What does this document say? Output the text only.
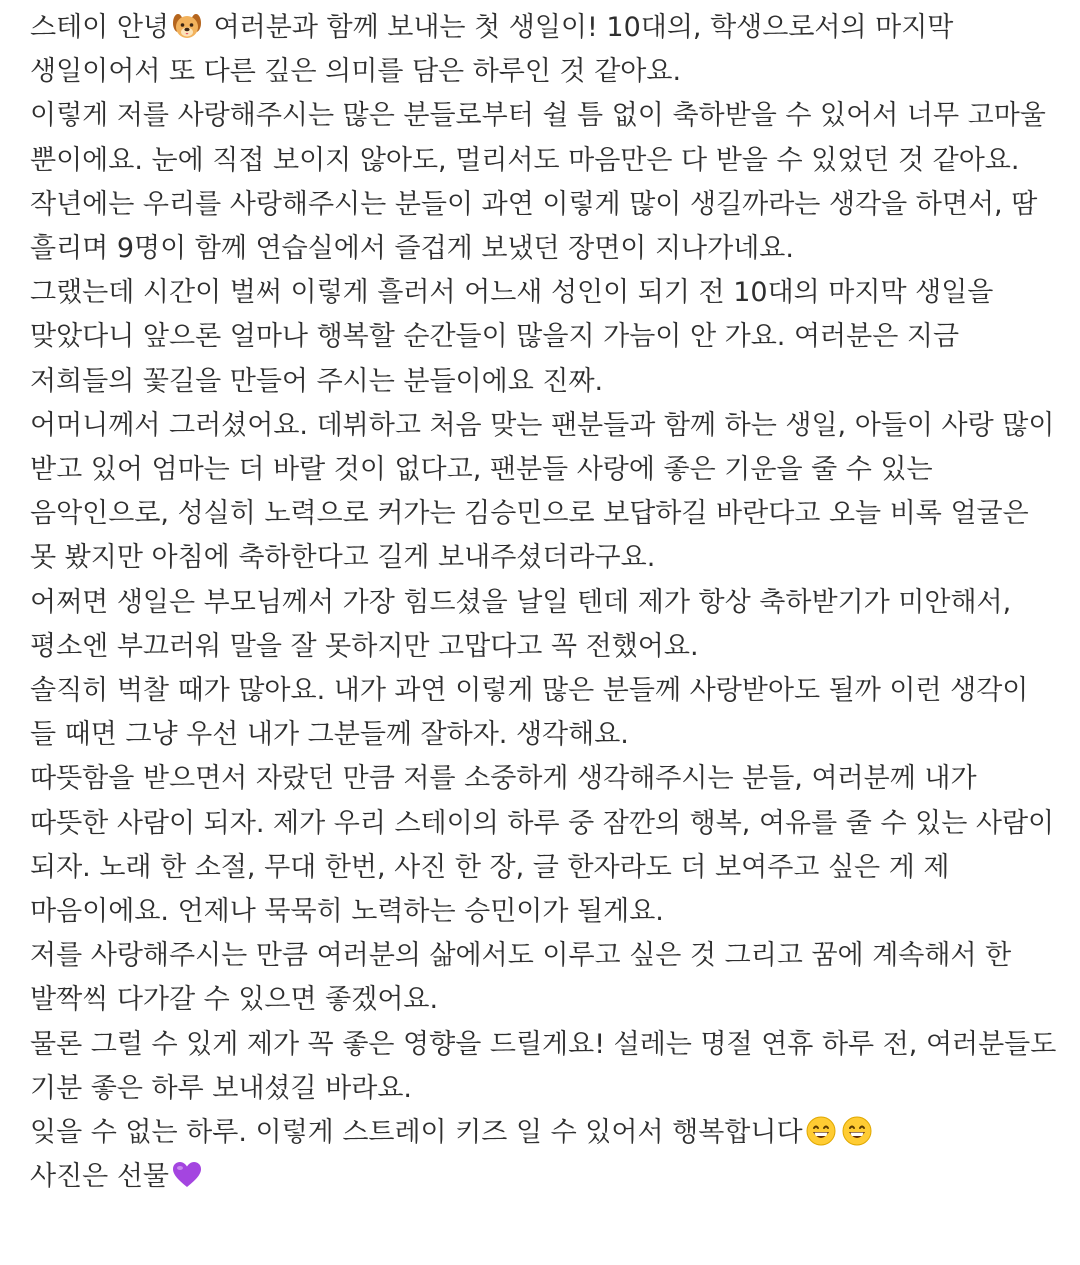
스테이 안녕
여러분과 함께 보내는 첫 생일이! 10대의, 학생으로서의 마지막 생일이어서 또 다른 깊은 의미를 담은 하루인 것 같아요.

이렇게 저를 사랑해주시는 많은 분들로부터 쉴 틈 없이 축하받을 수 있어서 너무 고마울 뿐이에요. 눈에 직접 보이지 않아도, 멀리서도 마음만은 다 받을 수 있었던 것 같아요.

작년에는 우리를 사랑해주시는 분들이 과연 이렇게 많이 생길까라는 생각을 하면서, 땀 흘리며 9명이 함께 연습실에서 즐겁게 보냈던 장면이 지나가네요.

그랬는데 시간이 벌써 이렇게 흘러서 어느새 성인이 되기 전 10대의 마지막 생일을 맞았다니 앞으론 얼마나 행복할 순간들이 많을지 가늠이 안 가요. 여러분은 지금 저희들의 꽃길을 만들어 주시는 분들이에요 진짜.

어머니께서 그러셨어요. 데뷔하고 처음 맞는 팬분들과 함께 하는 생일, 아들이 사랑 많이 받고 있어 엄마는 더 바랄 것이 없다고, 팬분들 사랑에 좋은 기운을 줄 수 있는 음악인으로, 성실히 노력으로 커가는 김승민으로 보답하길 바란다고 오늘 비록 얼굴은 못 봤지만 아침에 축하한다고 길게 보내주셨더라구요.

어쩌면 생일은 부모님께서 가장 힘드셨을 날일 텐데 제가 항상 축하받기가 미안해서, 평소엔 부끄러워 말을 잘 못하지만 고맙다고 꼭 전했어요.

솔직히 벅찰 때가 많아요. 내가 과연 이렇게 많은 분들께 사랑받아도 될까 이런 생각이 들 때면 그냥 우선 내가 그분들께 잘하자. 생각해요.

따뜻함을 받으면서 자랐던 만큼 저를 소중하게 생각해주시는 분들, 여러분께 내가 따뜻한 사람이 되자. 제가 우리 스테이의 하루 중 잠깐의 행복, 여유를 줄 수 있는 사람이 되자. 노래 한 소절, 무대 한번, 사진 한 장, 글 한자라도 더 보여주고 싶은 게 제 마음이에요. 언제나 묵묵히 노력하는 승민이가 될게요.

저를 사랑해주시는 만큼 여러분의 삶에서도 이루고 싶은 것 그리고 꿈에 계속해서 한 발짝씩 다가갈 수 있으면 좋겠어요.

물론 그럴 수 있게 제가 꼭 좋은 영향을 드릴게요! 설레는 명절 연휴 하루 전, 여러분들도 기분 좋은 하루 보내셨길 바라요.

잊을 수 없는 하루. 이렇게 스트레이 키즈 일 수 있어서 행복합니다

사진은 선물
